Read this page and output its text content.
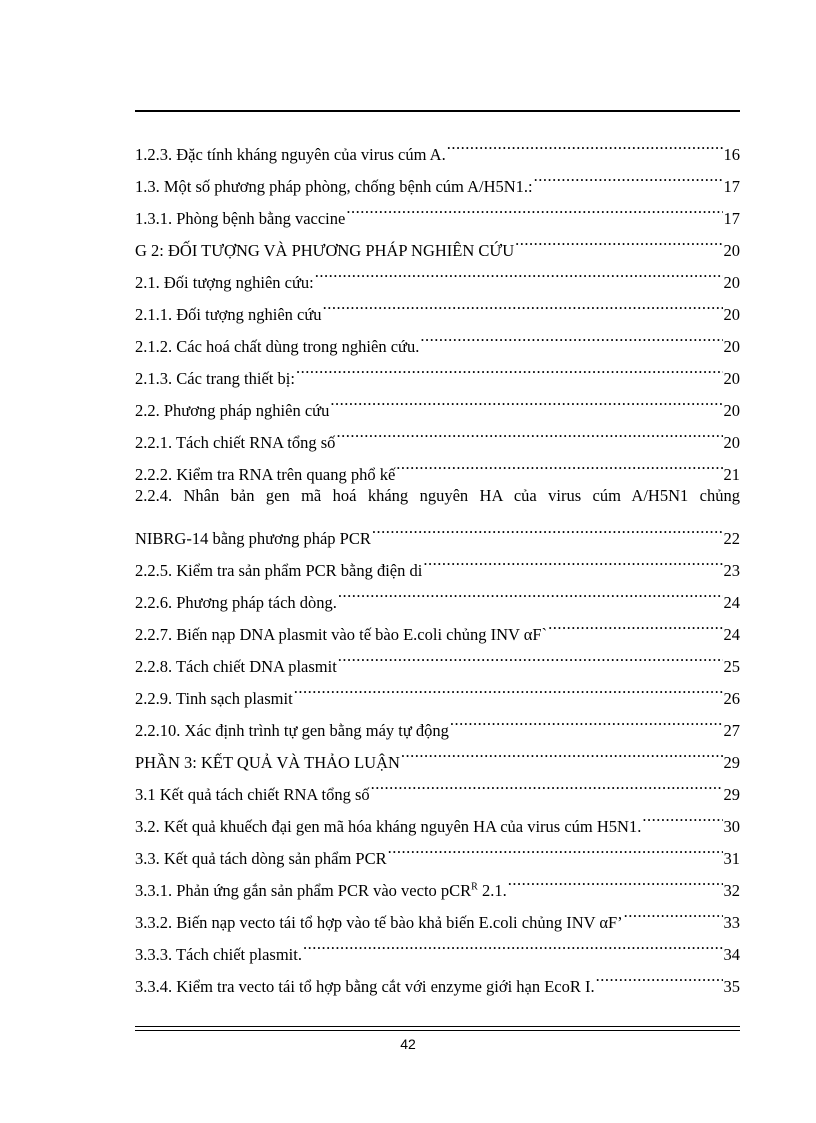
1.2.3. Đặc tính kháng nguyên của virus cúm A. .....	16
1.3. Một số phương pháp phòng, chống bệnh cúm A/H5N1.: .....	17
1.3.1. Phòng bệnh bằng vaccine .....	17
G 2: ĐỐI TƯỢNG VÀ PHƯƠNG PHÁP NGHIÊN CỨU .....	20
2.1. Đối tượng nghiên cứu: .....	20
2.1.1. Đối tượng nghiên cứu .....	20
2.1.2. Các hoá chất dùng trong nghiên cứu. .....	20
2.1.3. Các trang thiết bị: .....	20
2.2. Phương pháp nghiên cứu .....	20
2.2.1. Tách chiết RNA tổng số .....	20
2.2.2. Kiểm tra RNA trên quang phổ kế .....	21
2.2.4. Nhân bản gen mã hoá kháng nguyên HA của virus cúm A/H5N1 chủng
NIBRG-14 bằng phương pháp PCR .....	22
2.2.5. Kiểm tra sản phẩm PCR bằng điện di .....	23
2.2.6. Phương pháp tách dòng. .....	24
2.2.7. Biến nạp DNA plasmit vào tế bào E.coli chủng INV αF` .....	24
2.2.8. Tách chiết DNA plasmit .....	25
2.2.9. Tinh sạch plasmit .....	26
2.2.10. Xác định trình tự gen bằng máy tự động .....	27
PHẦN 3: KẾT QUẢ VÀ THẢO LUẬN .....	29
3.1 Kết quả tách chiết RNA tổng số .....	29
3.2. Kết quả khuếch đại gen mã hóa kháng nguyên HA của virus cúm H5N1. .....	30
3.3. Kết quả tách dòng sản phẩm PCR .....	31
3.3.1. Phản ứng gắn sản phẩm PCR vào vecto pCR$^R$ 2.1. .....	32
3.3.2. Biến nạp vecto tái tổ hợp vào tế bào khả biến E.coli chủng INV αF’ .....	33
3.3.3. Tách chiết plasmit. .....	34
3.3.4. Kiểm tra vecto tái tổ hợp bằng cắt với enzyme giới hạn EcoR I. .....	35
42
